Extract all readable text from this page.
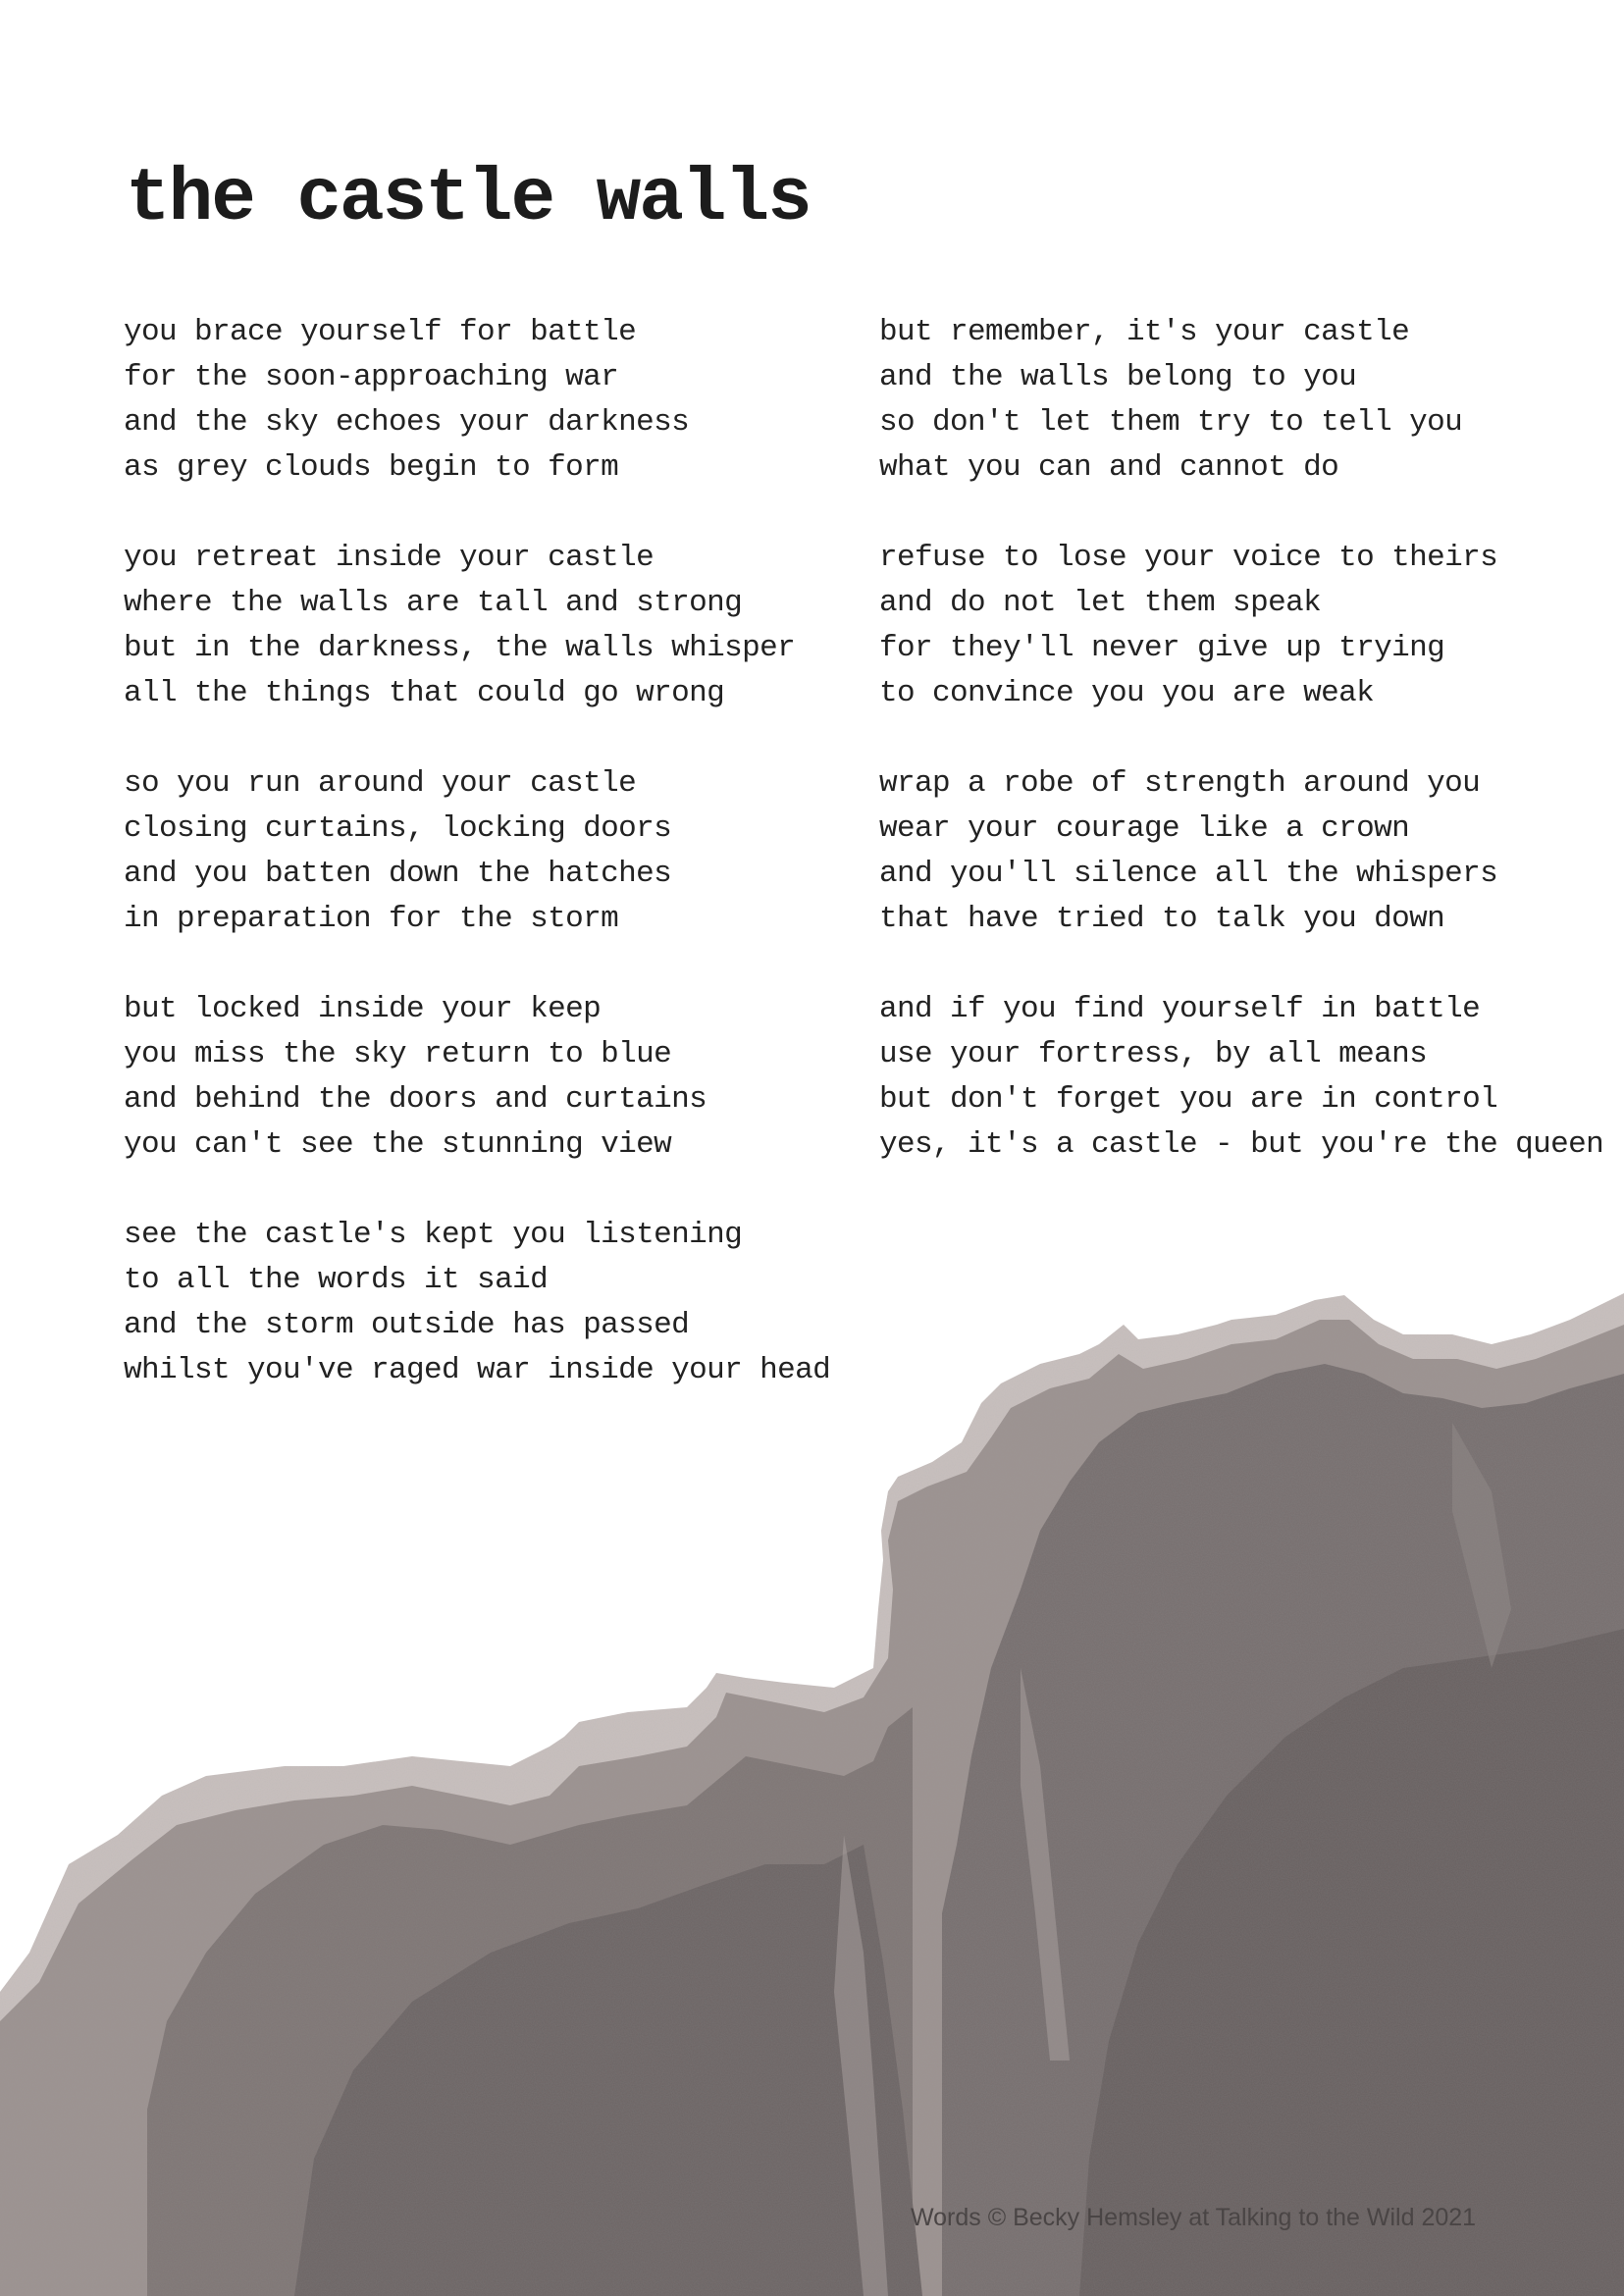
the castle walls
you brace yourself for battle
for the soon-approaching war
and the sky echoes your darkness
as grey clouds begin to form
you retreat inside your castle
where the walls are tall and strong
but in the darkness, the walls whisper
all the things that could go wrong
so you run around your castle
closing curtains, locking doors
and you batten down the hatches
in preparation for the storm
but locked inside your keep
you miss the sky return to blue
and behind the doors and curtains
you can't see the stunning view
see the castle's kept you listening
to all the words it said
and the storm outside has passed
whilst you've raged war inside your head
but remember, it's your castle
and the walls belong to you
so don't let them try to tell you
what you can and cannot do
refuse to lose your voice to theirs
and do not let them speak
for they'll never give up trying
to convince you you are weak
wrap a robe of strength around you
wear your courage like a crown
and you'll silence all the whispers
that have tried to talk you down
and if you find yourself in battle
use your fortress, by all means
but don't forget you are in control
yes, it's a castle - but you're the queen
Words © Becky Hemsley at Talking to the Wild 2021
